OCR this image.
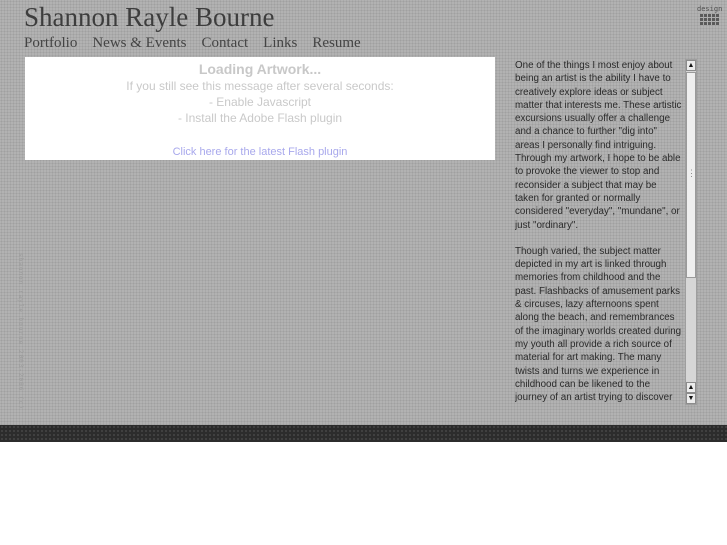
Shannon Rayle Bourne	design
Portfolio News & Events Contact Links Resume
Loading Artwork...
If you still see this message after several seconds:
- Enable Javascript
- Install the Adobe Flash plugin
Click here for the latest Flash plugin
shannon rayle bourne 2003-2006 (c)

One of the things I most enjoy about being an artist is the ability I have to creatively explore ideas or subject matter that interests me. These artistic excursions usually offer a challenge and a chance to further "dig into" areas I personally find intriguing. Through my artwork, I hope to be able to provoke the viewer to stop and reconsider a subject that may be taken for granted or normally considered "everyday", "mundane", or just "ordinary".

Though varied, the subject matter depicted in my art is linked through memories from childhood and the past. Flashbacks of amusement parks & circuses, lazy afternoons spent along the beach, and remembrances of the imaginary worlds created during my youth all provide a rich source of material for art making. The many twists and turns we experience in childhood can be likened to the journey of an artist trying to discover

▲
⋮
▲
▼
